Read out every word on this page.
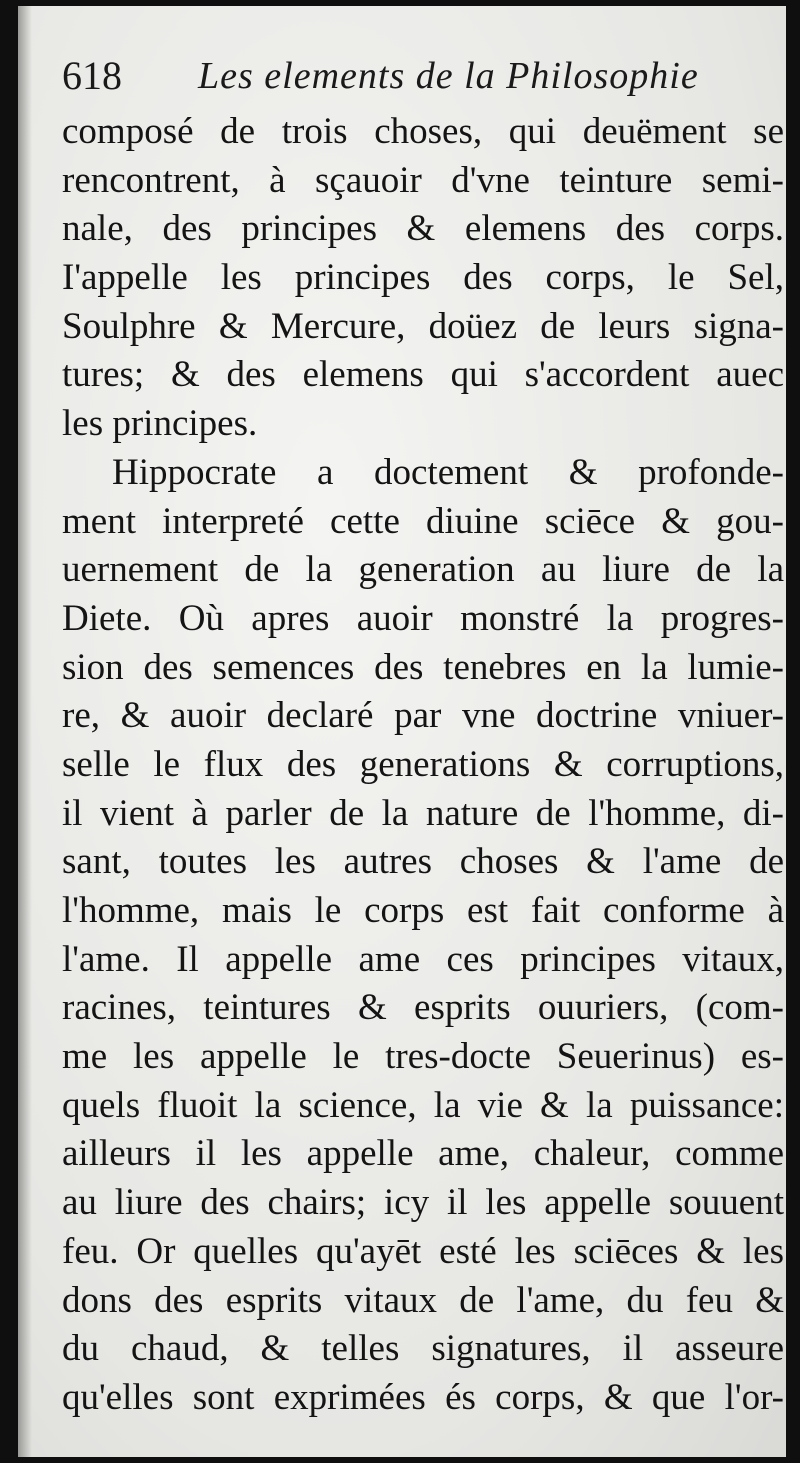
618 Les elements de la Philosophie
composé de trois choses, qui deuëment se
rencontrent, à sçauoir d'vne teinture semi-
nale, des principes & elemens des corps.
I'appelle les principes des corps, le Sel,
Soulphre & Mercure, doüez de leurs signa-
tures; & des elemens qui s'accordent auec
les principes.
Hippocrate a doctement & profonde-
ment interpreté cette diuine sciēce & gou-
uernement de la generation au liure de la
Diete. Où apres auoir monstré la progres-
sion des semences des tenebres en la lumie-
re, & auoir declaré par vne doctrine vniuer-
selle le flux des generations & corruptions,
il vient à parler de la nature de l'homme, di-
sant, toutes les autres choses & l'ame de
l'homme, mais le corps est fait conforme à
l'ame. Il appelle ame ces principes vitaux,
racines, teintures & esprits ouuriers, (com-
me les appelle le tres-docte Seuerinus) es-
quels fluoit la science, la vie & la puissance:
ailleurs il les appelle ame, chaleur, comme
au liure des chairs; icy il les appelle souuent
feu. Or quelles qu'ayēt esté les sciēces & les
dons des esprits vitaux de l'ame, du feu &
du chaud, & telles signatures, il asseure
qu'elles sont exprimées és corps, & que l'or-
